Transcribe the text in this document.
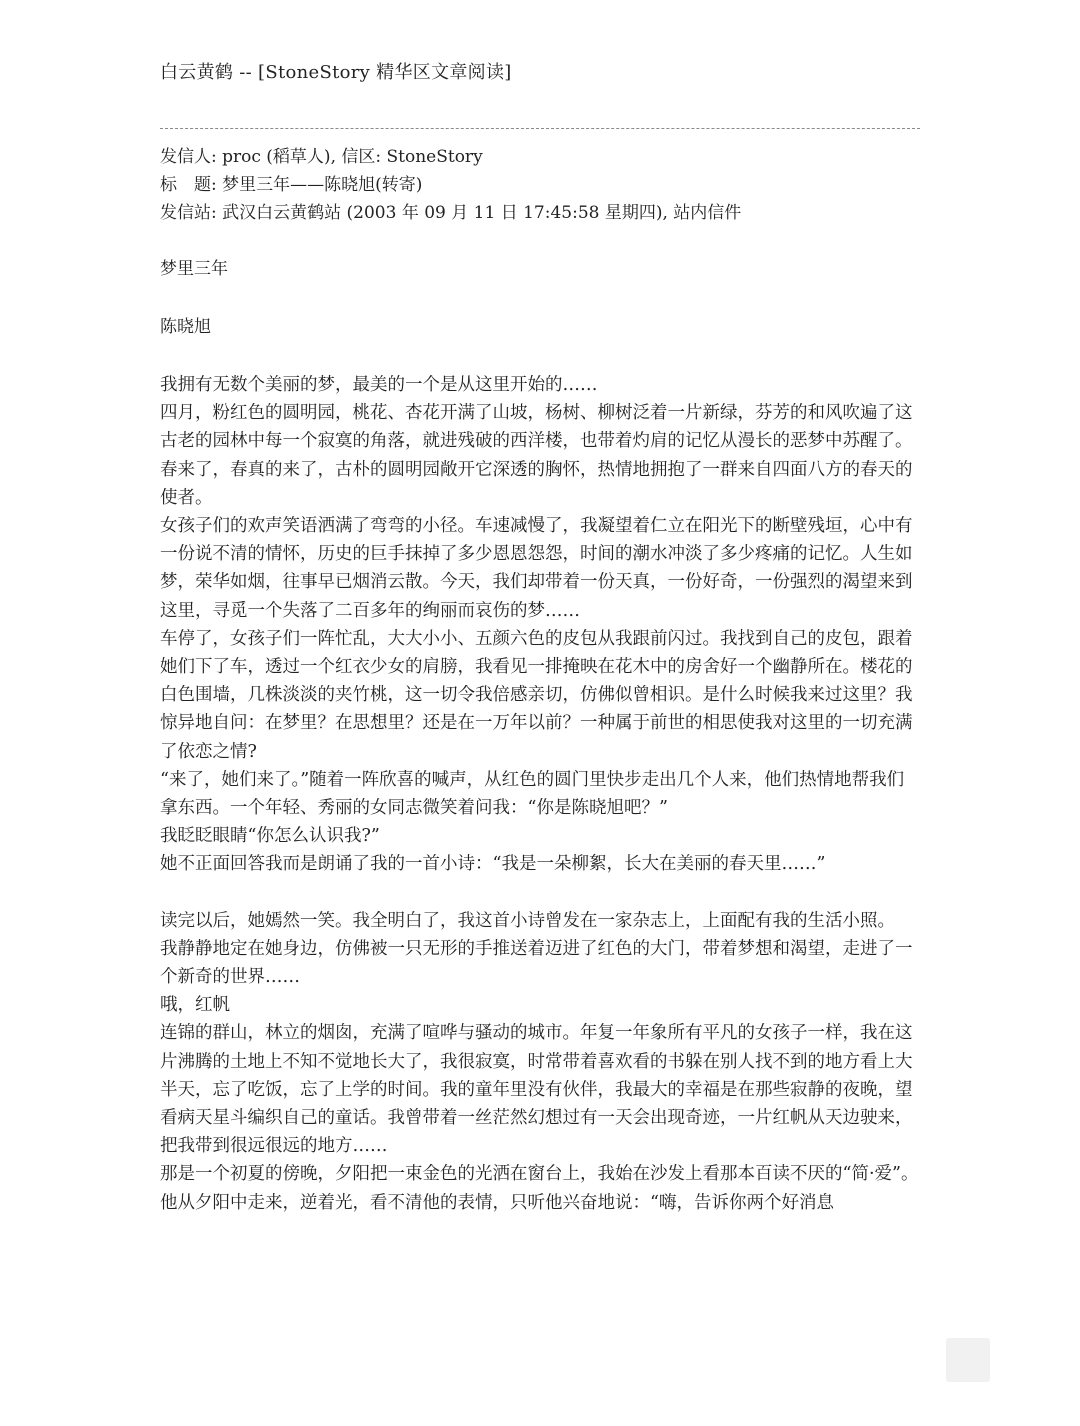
白云黄鹤 -- [StoneStory 精华区文章阅读]
发信人: proc (稻草人), 信区: StoneStory
标　题: 梦里三年——陈晓旭(转寄)
发信站: 武汉白云黄鹤站 (2003 年 09 月 11 日 17:45:58 星期四), 站内信件
梦里三年
陈晓旭

我拥有无数个美丽的梦，最美的一个是从这里开始的……

四月，粉红色的圆明园，桃花、杏花开满了山坡，杨树、柳树泛着一片新绿，芬芳的和风吹遍了这古老的园林中每一个寂寞的角落，就进残破的西洋楼，也带着灼肩的记忆从漫长的恶梦中苏醒了。

春来了，春真的来了，古朴的圆明园敞开它深透的胸怀，热情地拥抱了一群来自四面八方的春天的使者。

女孩子们的欢声笑语洒满了弯弯的小径。车速减慢了，我凝望着仁立在阳光下的断壁残垣，心中有一份说不清的情怀，历史的巨手抹掉了多少恩恩怨怨，时间的潮水冲淡了多少疼痛的记忆。人生如梦，荣华如烟，往事早已烟消云散。今天，我们却带着一份天真，一份好奇，一份强烈的渴望来到这里，寻觅一个失落了二百多年的绚丽而哀伤的梦……

车停了，女孩子们一阵忙乱，大大小小、五颜六色的皮包从我跟前闪过。我找到自己的皮包，跟着她们下了车，透过一个红衣少女的肩膀，我看见一排掩映在花木中的房舍好一个幽静所在。楼花的白色围墙，几株淡淡的夹竹桃，这一切令我倍感亲切，仿佛似曾相识。是什么时候我来过这里？我惊异地自问：在梦里？在思想里？还是在一万年以前？一种属于前世的相思使我对这里的一切充满了依恋之情?

“来了，她们来了。”随着一阵欣喜的喊声，从红色的圆门里快步走出几个人来，他们热情地帮我们拿东西。一个年轻、秀丽的女同志微笑着问我：“你是陈晓旭吧？”

我眨眨眼睛“你怎么认识我?”

她不正面回答我而是朗诵了我的一首小诗：“我是一朵柳絮，长大在美丽的春天里……”

读完以后，她嫣然一笑。我全明白了，我这首小诗曾发在一家杂志上，上面配有我的生活小照。

我静静地定在她身边，仿佛被一只无形的手推送着迈进了红色的大门，带着梦想和渴望，走进了一个新奇的世界……

哦，红帆

连锦的群山，林立的烟囱，充满了喧哗与骚动的城市。年复一年象所有平凡的女孩子一样，我在这片沸腾的土地上不知不觉地长大了，我很寂寞，时常带着喜欢看的书躲在别人找不到的地方看上大半天，忘了吃饭，忘了上学的时间。我的童年里没有伙伴，我最大的幸福是在那些寂静的夜晚，望看病天星斗编织自己的童话。我曾带着一丝茫然幻想过有一天会出现奇迹，一片红帆从天边驶来，把我带到很远很远的地方……

那是一个初夏的傍晚，夕阳把一束金色的光洒在窗台上，我始在沙发上看那本百读不厌的“简·爱”。

他从夕阳中走来，逆着光，看不清他的表情，只听他兴奋地说：“嗨，告诉你两个好消息
